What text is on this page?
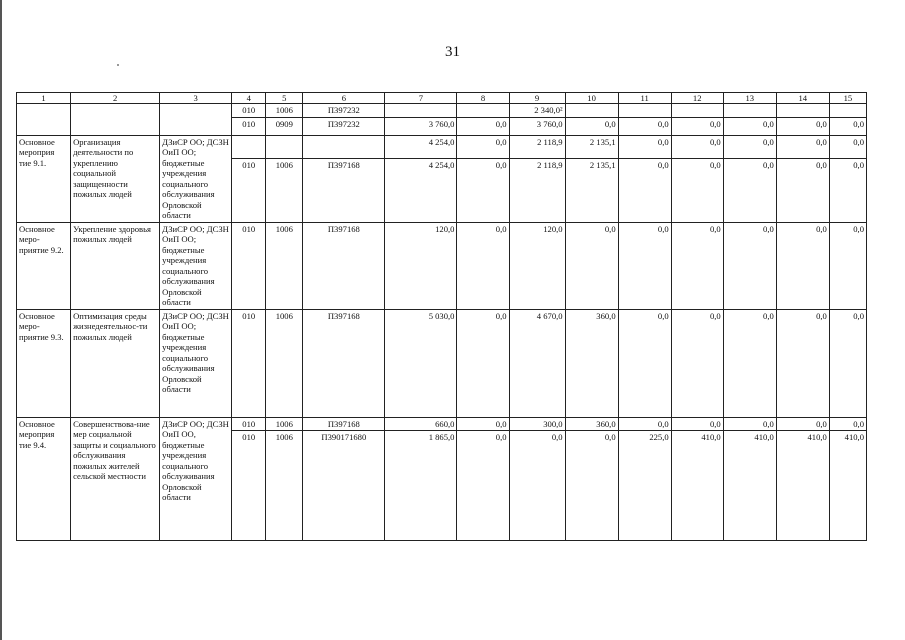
31
1	2	3	4	5	6	7	8	9	10	11	12	13	14	15
			010	1006	П397232			2 340,0²						
			010	0909	П397232	3 760,0	0,0	3 760,0	0,0	0,0	0,0	0,0	0,0	0,0
Основное мероприя тие 9.1.	Организация деятельности по укреплению социальной защищенности пожилых людей	ДЗиСР ОО; ДСЗН ОиП ОО; бюджетные учреждения социального обслуживания Орловской области				4 254,0	0,0	2 118,9	2 135,1	0,0	0,0	0,0	0,0	0,0
			010	1006	П397168	4 254,0	0,0	2 118,9	2 135,1	0,0	0,0	0,0	0,0	0,0
Основное меро-приятие 9.2.	Укрепление здоровья пожилых людей	ДЗиСР ОО; ДСЗН ОиП ОО; бюджетные учреждения социального обслуживания Орловской области	010	1006	П397168	120,0	0,0	120,0	0,0	0,0	0,0	0,0	0,0	0,0
Основное меро-приятие 9.3.	Оптимизация среды жизнедеятельнос-ти пожилых людей	ДЗиСР ОО; ДСЗН ОиП ОО; бюджетные учреждения социального обслуживания Орловской области	010	1006	П397168	5 030,0	0,0	4 670,0	360,0	0,0	0,0	0,0	0,0	0,0
Основное мероприя тие 9.4.	Совершенствова-ние мер социальной защиты и социального обслуживания пожилых жителей сельской местности	ДЗиСР ОО; ДСЗН ОиП ОО, бюджетные учреждения социального обслуживания Орловской области	010	1006	П397168	660,0	0,0	300,0	360,0	0,0	0,0	0,0	0,0	0,0
			010	1006	П390171680	1 865,0	0,0	0,0	0,0	225,0	410,0	410,0	410,0	410,0
